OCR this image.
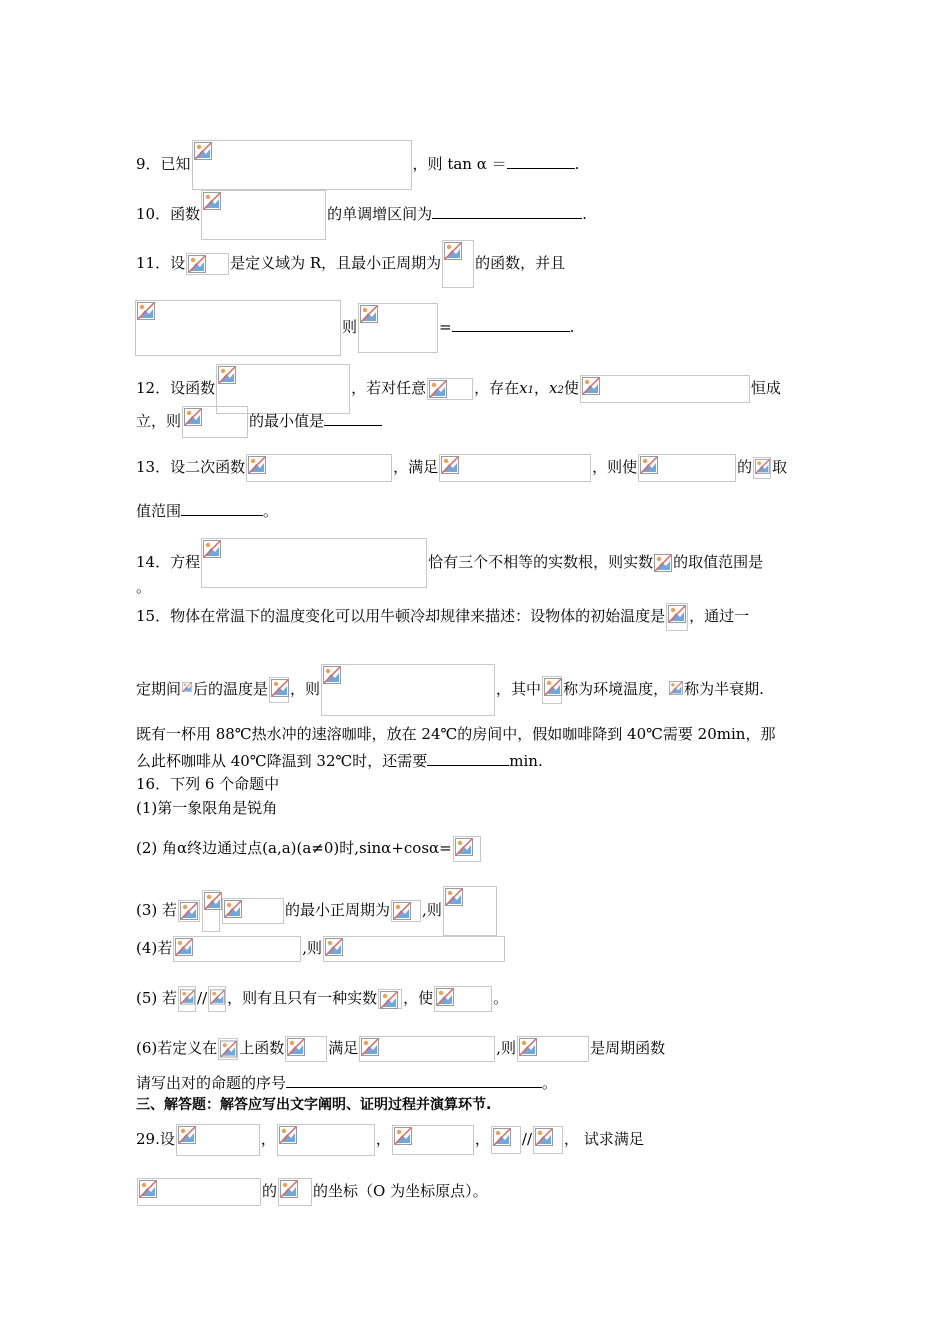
9．已知	，则 tan α ＝	.
10．函数	的单调增区间为	.
11．设	是定义域为 R，且最小正周期为 的函数，并且
则	=	.
12．设函数	，若对任意	，存在x1，x2使	恒成
立，则	的最小值是
13．设二次函数	，满足	，则使	的 取
值范围	。
14．方程	恰有三个不相等的实数根，则实数 的取值范围是
。
15．物体在常温下的温度变化可以用牛顿冷却规律来描述：设物体的初始温度是 ，通过一
定期间 后的温度是 ，则	，其中 称为环境温度， 称为半衰期.
既有一杯用 88℃热水冲的速溶咖啡，放在 24℃的房间中，假如咖啡降到 40℃需要 20min，那
么此杯咖啡从 40℃降温到 32℃时，还需要	min.
16．下列 6 个命题中
(1)第一象限角是锐角
(2) 角α终边通过点(a,a)(a≠0)时,sinα+cosα=
(3) 若	的最小正周期为 ,则
(4)若	,则
(5) 若 // ，则有且只有一种实数 ，使	。
(6)若定义在 上函数	满足	,则	是周期函数
请写出对的命题的序号	。
三、解答题：解答应写出文字阐明、证明过程并演算环节.
29.设	，	，	， // ， 试求满足
的 的坐标（O 为坐标原点）。
